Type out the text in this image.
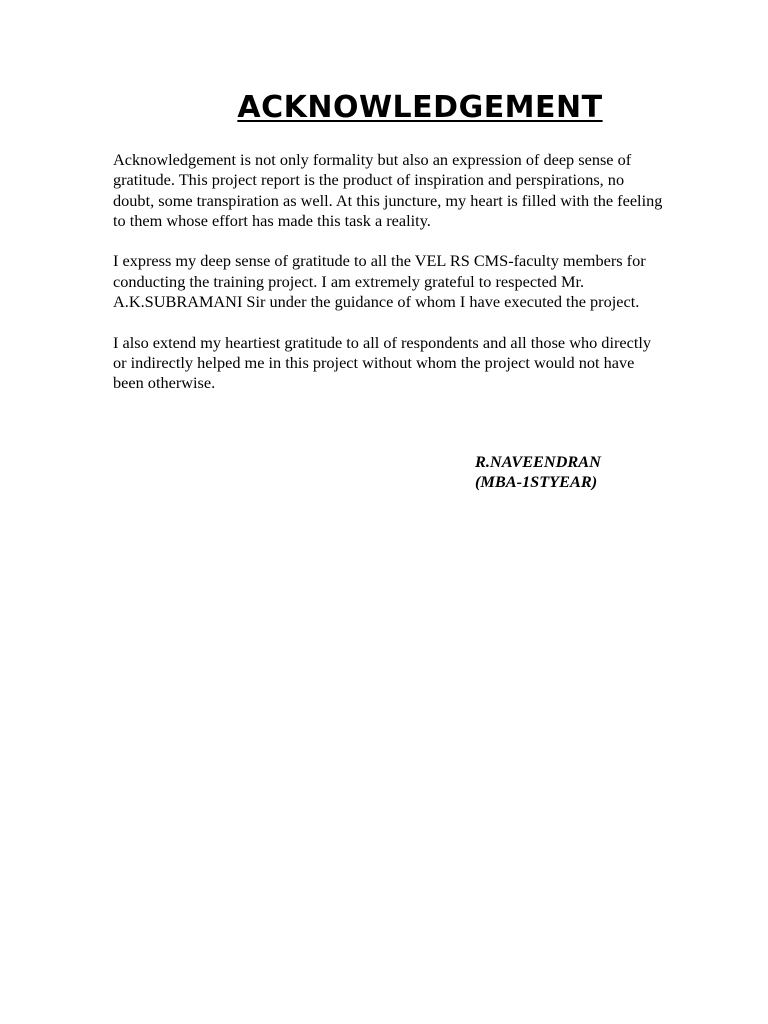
ACKNOWLEDGEMENT

Acknowledgement is not only formality but also an expression of deep sense of gratitude. This project report is the product of inspiration and perspirations, no doubt, some transpiration as well. At this juncture, my heart is filled with the feeling to them whose effort has made this task a reality.

I express my deep sense of gratitude to all the VEL RS CMS-faculty members for conducting the training project. I am extremely grateful to respected Mr. A.K.SUBRAMANI Sir under the guidance of whom I have executed the project.

I also extend my heartiest gratitude to all of respondents and all those who directly or indirectly helped me in this project without whom the project would not have been otherwise.

R.NAVEENDRAN
(MBA-1STYEAR)
